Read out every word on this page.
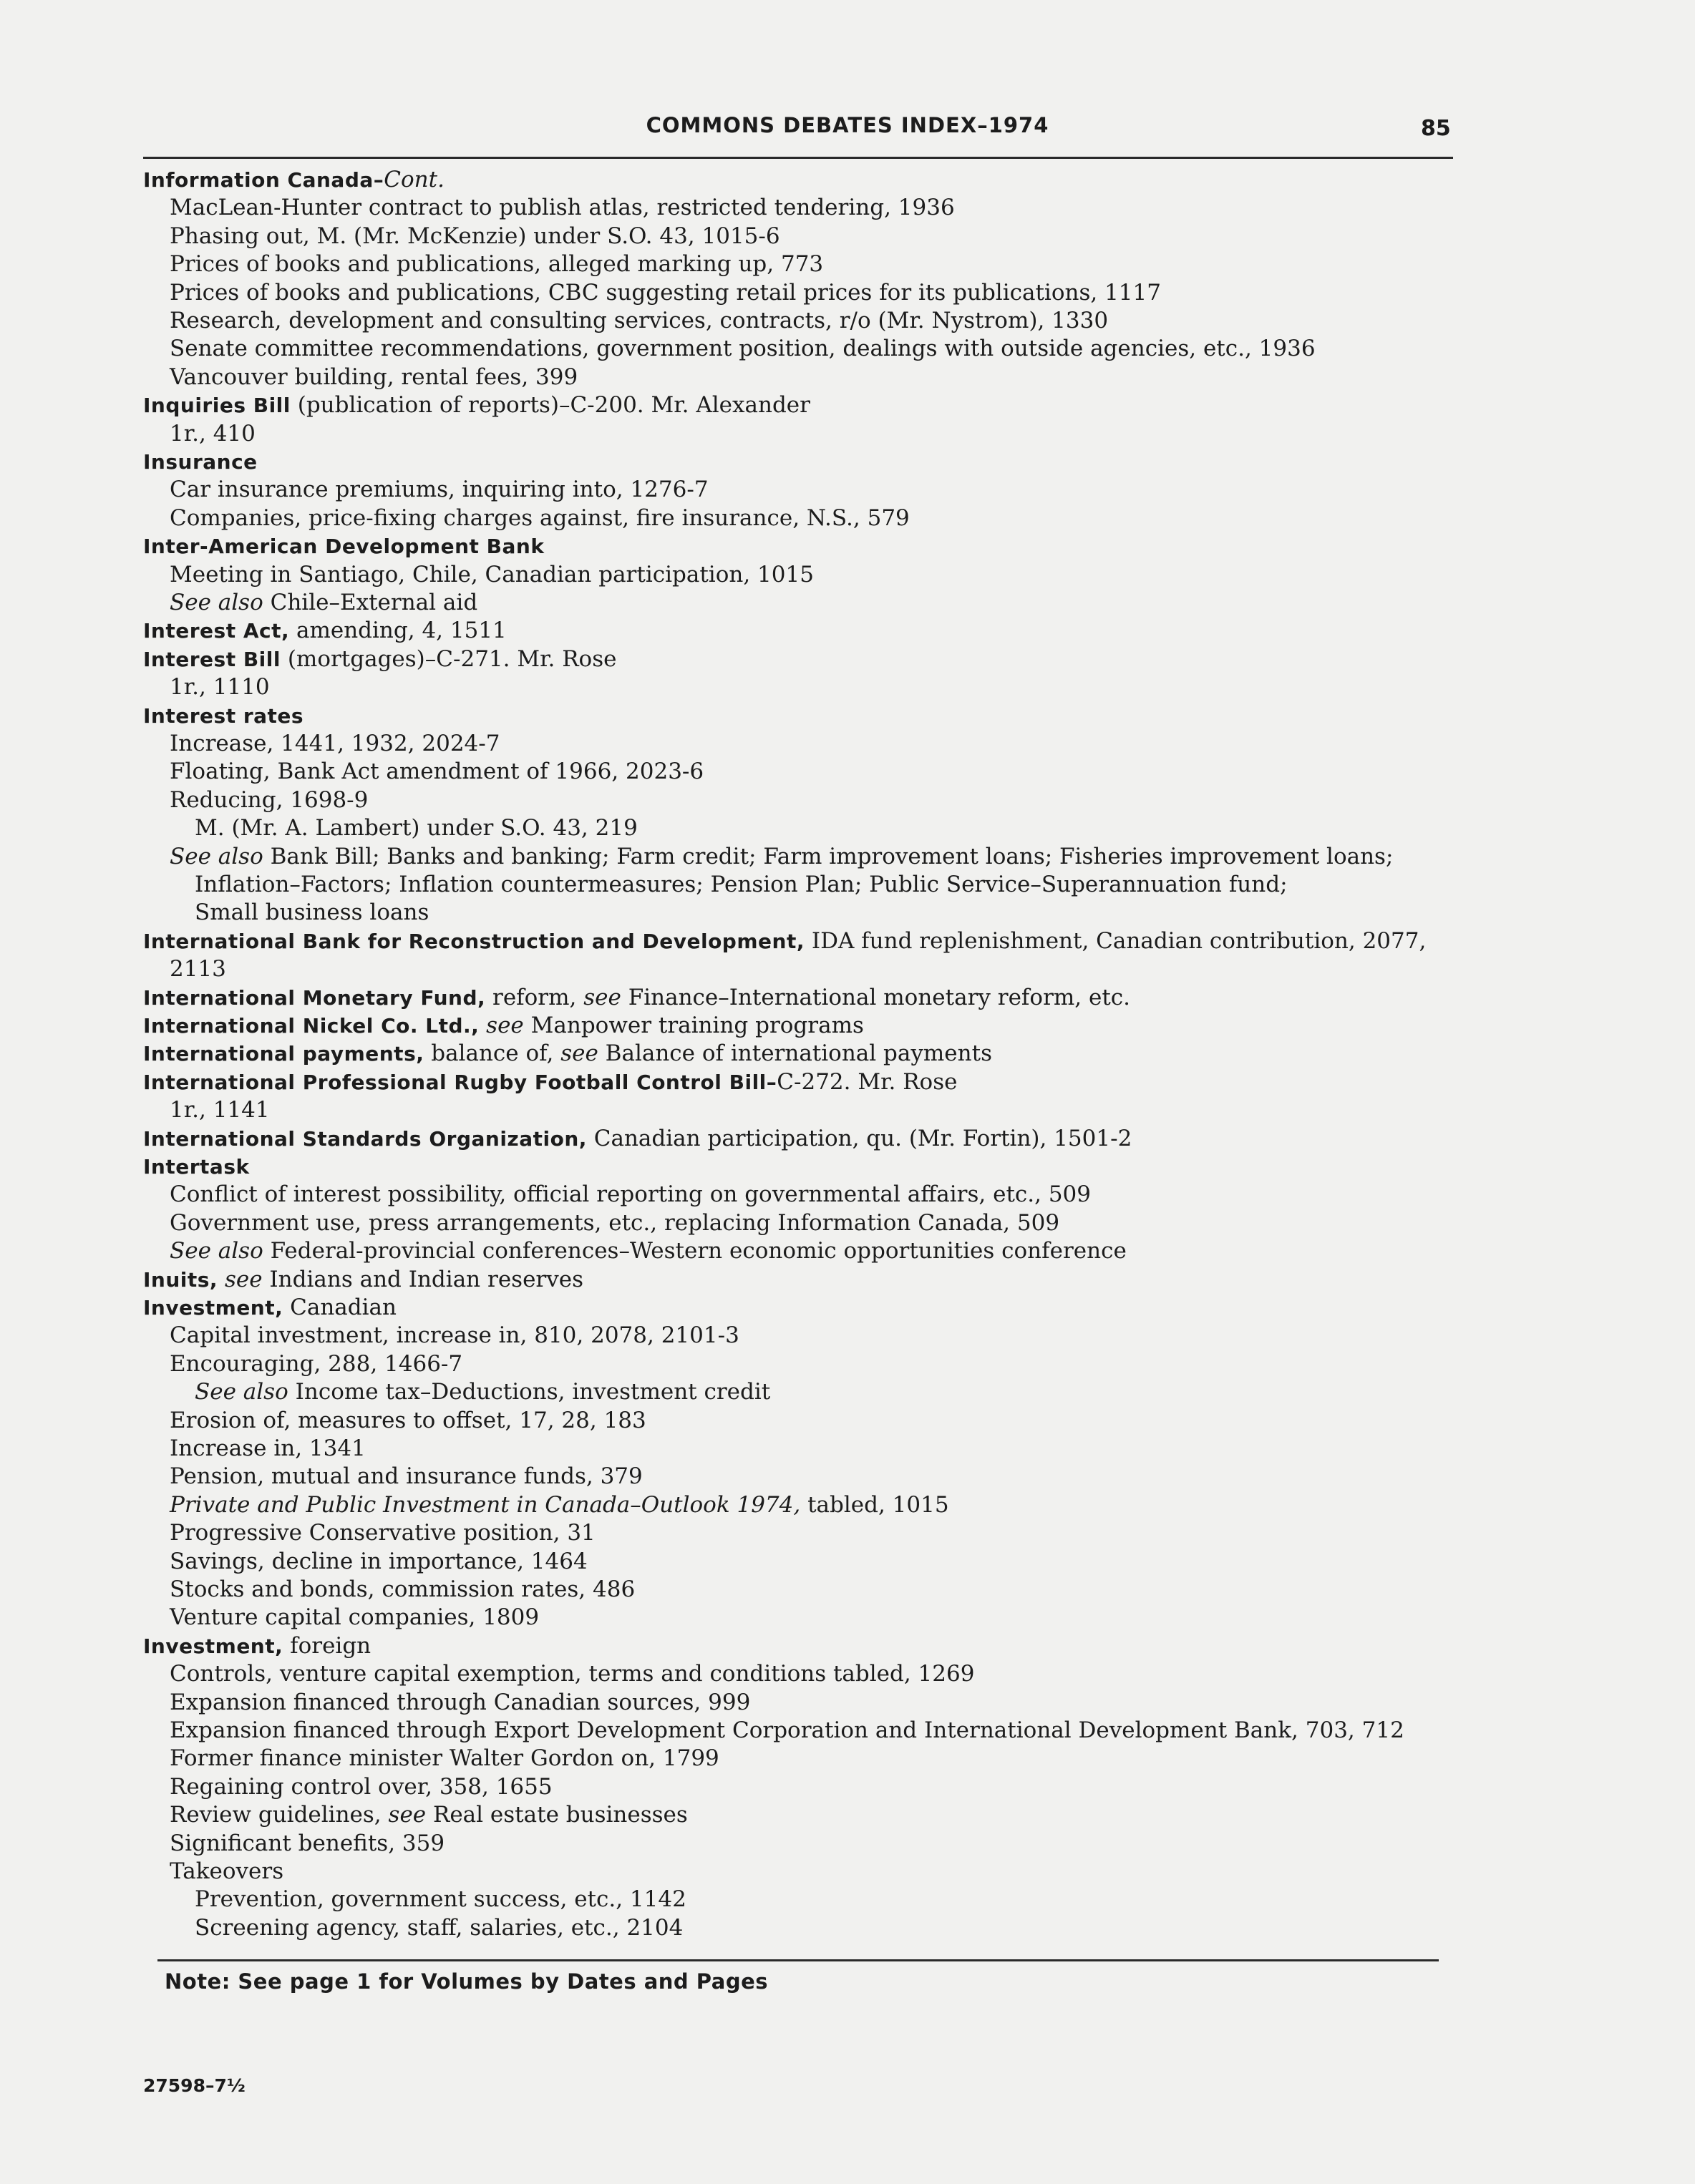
COMMONS DEBATES INDEX–1974	85
Information Canada–Cont.
MacLean-Hunter contract to publish atlas, restricted tendering, 1936
Phasing out, M. (Mr. McKenzie) under S.O. 43, 1015-6
Prices of books and publications, alleged marking up, 773
Prices of books and publications, CBC suggesting retail prices for its publications, 1117
Research, development and consulting services, contracts, r/o (Mr. Nystrom), 1330
Senate committee recommendations, government position, dealings with outside agencies, etc., 1936
Vancouver building, rental fees, 399
Inquiries Bill (publication of reports)–C-200. Mr. Alexander
1r., 410
Insurance
Car insurance premiums, inquiring into, 1276-7
Companies, price-fixing charges against, fire insurance, N.S., 579
Inter-American Development Bank
Meeting in Santiago, Chile, Canadian participation, 1015
See also Chile–External aid
Interest Act, amending, 4, 1511
Interest Bill (mortgages)–C-271. Mr. Rose
1r., 1110
Interest rates
Increase, 1441, 1932, 2024-7
Floating, Bank Act amendment of 1966, 2023-6
Reducing, 1698-9
M. (Mr. A. Lambert) under S.O. 43, 219
See also Bank Bill; Banks and banking; Farm credit; Farm improvement loans; Fisheries improvement loans;
Inflation–Factors; Inflation countermeasures; Pension Plan; Public Service–Superannuation fund;
Small business loans
International Bank for Reconstruction and Development, IDA fund replenishment, Canadian contribution, 2077,
2113
International Monetary Fund, reform, see Finance–International monetary reform, etc.
International Nickel Co. Ltd., see Manpower training programs
International payments, balance of, see Balance of international payments
International Professional Rugby Football Control Bill–C-272. Mr. Rose
1r., 1141
International Standards Organization, Canadian participation, qu. (Mr. Fortin), 1501-2
Intertask
Conflict of interest possibility, official reporting on governmental affairs, etc., 509
Government use, press arrangements, etc., replacing Information Canada, 509
See also Federal-provincial conferences–Western economic opportunities conference
Inuits, see Indians and Indian reserves
Investment, Canadian
Capital investment, increase in, 810, 2078, 2101-3
Encouraging, 288, 1466-7
See also Income tax–Deductions, investment credit
Erosion of, measures to offset, 17, 28, 183
Increase in, 1341
Pension, mutual and insurance funds, 379
Private and Public Investment in Canada–Outlook 1974, tabled, 1015
Progressive Conservative position, 31
Savings, decline in importance, 1464
Stocks and bonds, commission rates, 486
Venture capital companies, 1809
Investment, foreign
Controls, venture capital exemption, terms and conditions tabled, 1269
Expansion financed through Canadian sources, 999
Expansion financed through Export Development Corporation and International Development Bank, 703, 712
Former finance minister Walter Gordon on, 1799
Regaining control over, 358, 1655
Review guidelines, see Real estate businesses
Significant benefits, 359
Takeovers
Prevention, government success, etc., 1142
Screening agency, staff, salaries, etc., 2104
Note: See page 1 for Volumes by Dates and Pages
27598–7½
